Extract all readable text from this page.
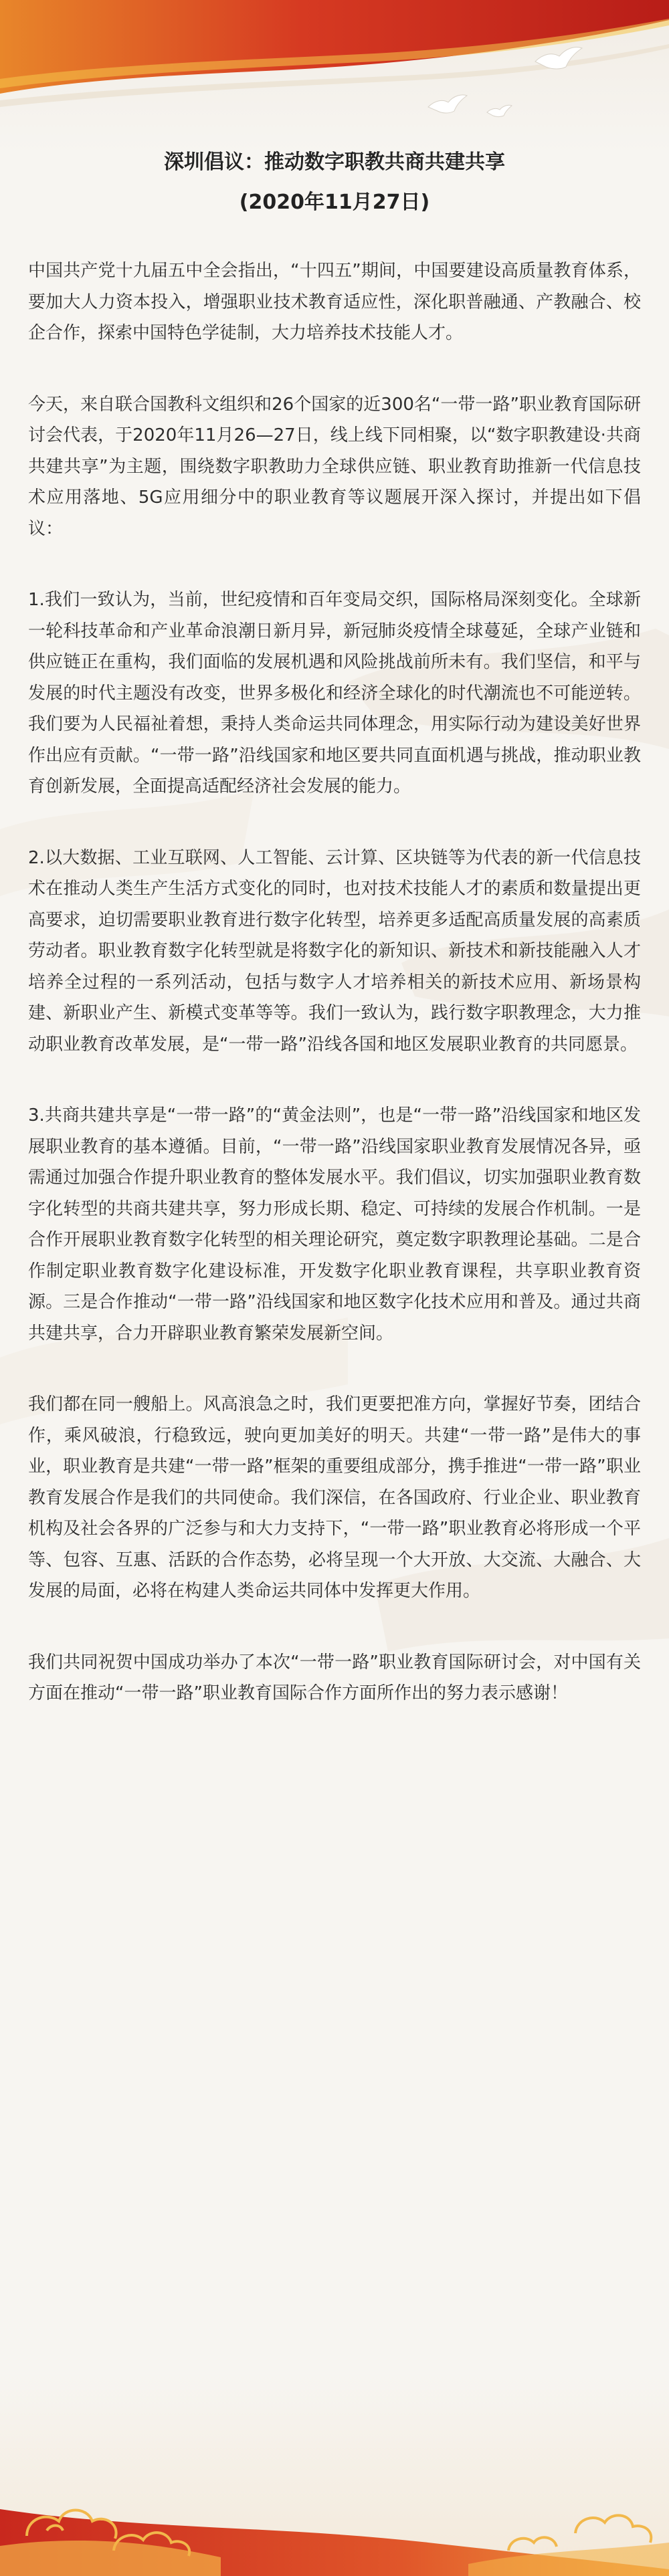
深圳倡议：推动数字职教共商共建共享

(2020年11月27日)

中国共产党十九届五中全会指出，“十四五”期间，中国要建设高质量教育体系，要加大人力资本投入，增强职业技术教育适应性，深化职普融通、产教融合、校企合作，探索中国特色学徒制，大力培养技术技能人才。

今天，来自联合国教科文组织和26个国家的近300名“一带一路”职业教育国际研讨会代表，于2020年11月26—27日，线上线下同相聚，以“数字职教建设·共商共建共享”为主题，围绕数字职教助力全球供应链、职业教育助推新一代信息技术应用落地、5G应用细分中的职业教育等议题展开深入探讨，并提出如下倡议：

1.我们一致认为，当前，世纪疫情和百年变局交织，国际格局深刻变化。全球新一轮科技革命和产业革命浪潮日新月异，新冠肺炎疫情全球蔓延，全球产业链和供应链正在重构，我们面临的发展机遇和风险挑战前所未有。我们坚信，和平与发展的时代主题没有改变，世界多极化和经济全球化的时代潮流也不可能逆转。我们要为人民福祉着想，秉持人类命运共同体理念，用实际行动为建设美好世界作出应有贡献。“一带一路”沿线国家和地区要共同直面机遇与挑战，推动职业教育创新发展，全面提高适配经济社会发展的能力。

2.以大数据、工业互联网、人工智能、云计算、区块链等为代表的新一代信息技术在推动人类生产生活方式变化的同时，也对技术技能人才的素质和数量提出更高要求，迫切需要职业教育进行数字化转型，培养更多适配高质量发展的高素质劳动者。职业教育数字化转型就是将数字化的新知识、新技术和新技能融入人才培养全过程的一系列活动，包括与数字人才培养相关的新技术应用、新场景构建、新职业产生、新模式变革等等。我们一致认为，践行数字职教理念，大力推动职业教育改革发展，是“一带一路”沿线各国和地区发展职业教育的共同愿景。

3.共商共建共享是“一带一路”的“黄金法则”，也是“一带一路”沿线国家和地区发展职业教育的基本遵循。目前，“一带一路”沿线国家职业教育发展情况各异，亟需通过加强合作提升职业教育的整体发展水平。我们倡议，切实加强职业教育数字化转型的共商共建共享，努力形成长期、稳定、可持续的发展合作机制。一是合作开展职业教育数字化转型的相关理论研究，奠定数字职教理论基础。二是合作制定职业教育数字化建设标准，开发数字化职业教育课程，共享职业教育资源。三是合作推动“一带一路”沿线国家和地区数字化技术应用和普及。通过共商共建共享，合力开辟职业教育繁荣发展新空间。

我们都在同一艘船上。风高浪急之时，我们更要把准方向，掌握好节奏，团结合作，乘风破浪，行稳致远，驶向更加美好的明天。共建“一带一路”是伟大的事业，职业教育是共建“一带一路”框架的重要组成部分，携手推进“一带一路”职业教育发展合作是我们的共同使命。我们深信，在各国政府、行业企业、职业教育机构及社会各界的广泛参与和大力支持下，“一带一路”职业教育必将形成一个平等、包容、互惠、活跃的合作态势，必将呈现一个大开放、大交流、大融合、大发展的局面，必将在构建人类命运共同体中发挥更大作用。

我们共同祝贺中国成功举办了本次“一带一路”职业教育国际研讨会，对中国有关方面在推动“一带一路”职业教育国际合作方面所作出的努力表示感谢！
